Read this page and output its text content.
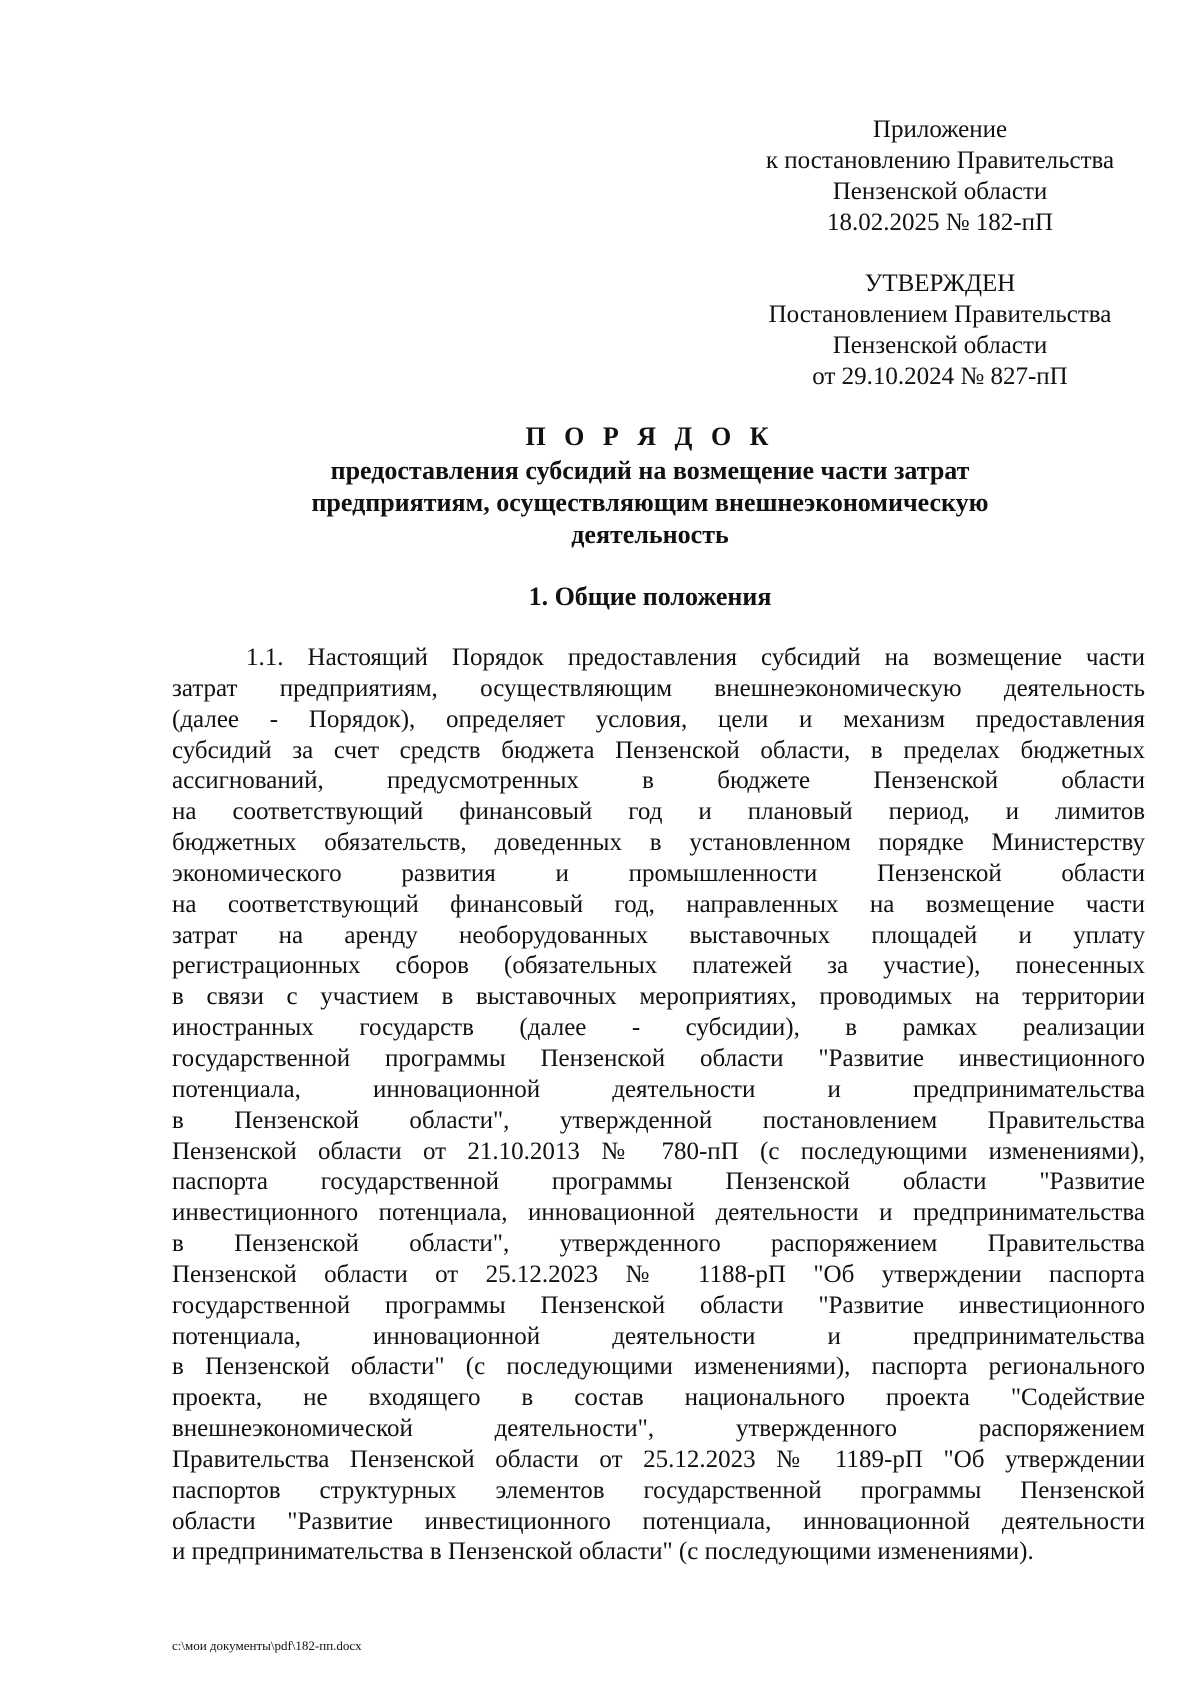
Приложение
к постановлению Правительства
Пензенской области
18.02.2025 № 182-пП
УТВЕРЖДЕН
Постановлением Правительства
Пензенской области
от 29.10.2024 № 827-пП
П О Р Я Д О К
предоставления субсидий на возмещение части затрат
предприятиям, осуществляющим внешнеэкономическую
деятельность
1. Общие положения
1.1. Настоящий Порядок предоставления субсидий на возмещение части
затрат предприятиям, осуществляющим внешнеэкономическую деятельность
(далее - Порядок), определяет условия, цели и механизм предоставления
субсидий за счет средств бюджета Пензенской области, в пределах бюджетных
ассигнований, предусмотренных в бюджете Пензенской области
на соответствующий финансовый год и плановый период, и лимитов
бюджетных обязательств, доведенных в установленном порядке Министерству
экономического развития и промышленности Пензенской области
на соответствующий финансовый год, направленных на возмещение части
затрат на аренду необорудованных выставочных площадей и уплату
регистрационных сборов (обязательных платежей за участие), понесенных
в связи с участием в выставочных мероприятиях, проводимых на территории
иностранных государств (далее - субсидии), в рамках реализации
государственной программы Пензенской области "Развитие инвестиционного
потенциала, инновационной деятельности и предпринимательства
в Пензенской области", утвержденной постановлением Правительства
Пензенской области от 21.10.2013 № 780-пП (с последующими изменениями),
паспорта государственной программы Пензенской области "Развитие
инвестиционного потенциала, инновационной деятельности и предпринимательства
в Пензенской области", утвержденного распоряжением Правительства
Пензенской области от 25.12.2023 № 1188-рП "Об утверждении паспорта
государственной программы Пензенской области "Развитие инвестиционного
потенциала, инновационной деятельности и предпринимательства
в Пензенской области" (с последующими изменениями), паспорта регионального
проекта, не входящего в состав национального проекта "Содействие
внешнеэкономической деятельности", утвержденного распоряжением
Правительства Пензенской области от 25.12.2023 № 1189-рП "Об утверждении
паспортов структурных элементов государственной программы Пензенской
области "Развитие инвестиционного потенциала, инновационной деятельности
и предпринимательства в Пензенской области" (с последующими изменениями).
c:\мои документы\pdf\182-пп.docx
